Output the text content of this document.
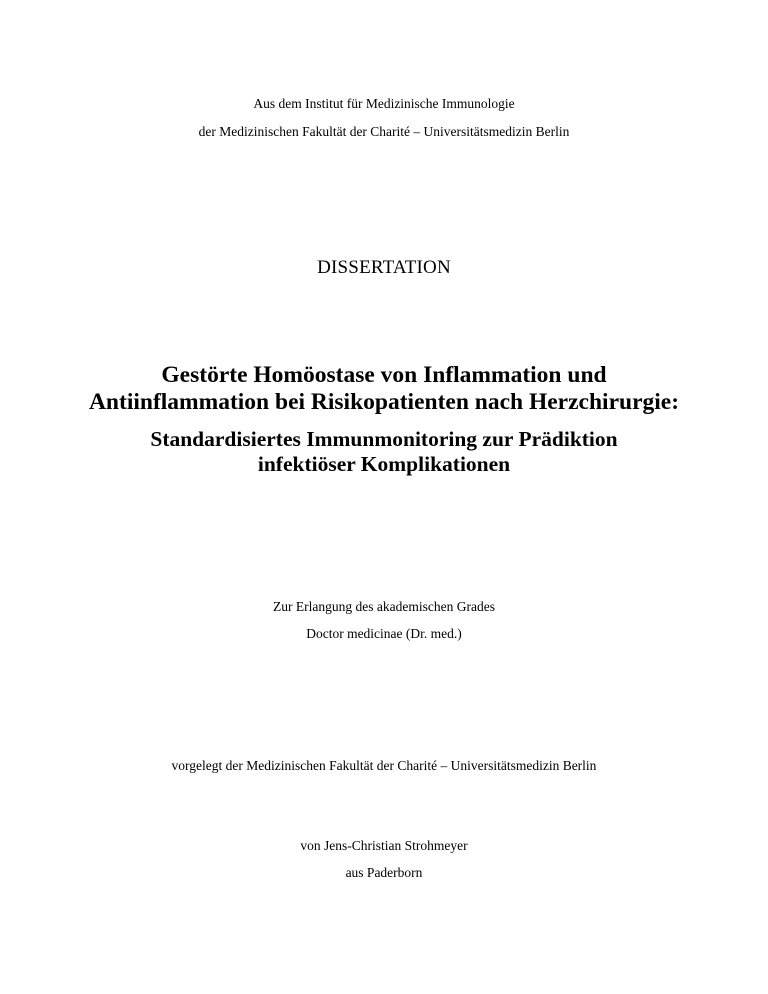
Aus dem Institut für Medizinische Immunologie
der Medizinischen Fakultät der Charité – Universitätsmedizin Berlin
DISSERTATION
Gestörte Homöostase von Inflammation und
Antiinflammation bei Risikopatienten nach Herzchirurgie:
Standardisiertes Immunmonitoring zur Prädiktion
infektiöser Komplikationen
Zur Erlangung des akademischen Grades
Doctor medicinae (Dr. med.)
vorgelegt der Medizinischen Fakultät der Charité – Universitätsmedizin Berlin
von Jens-Christian Strohmeyer
aus Paderborn
